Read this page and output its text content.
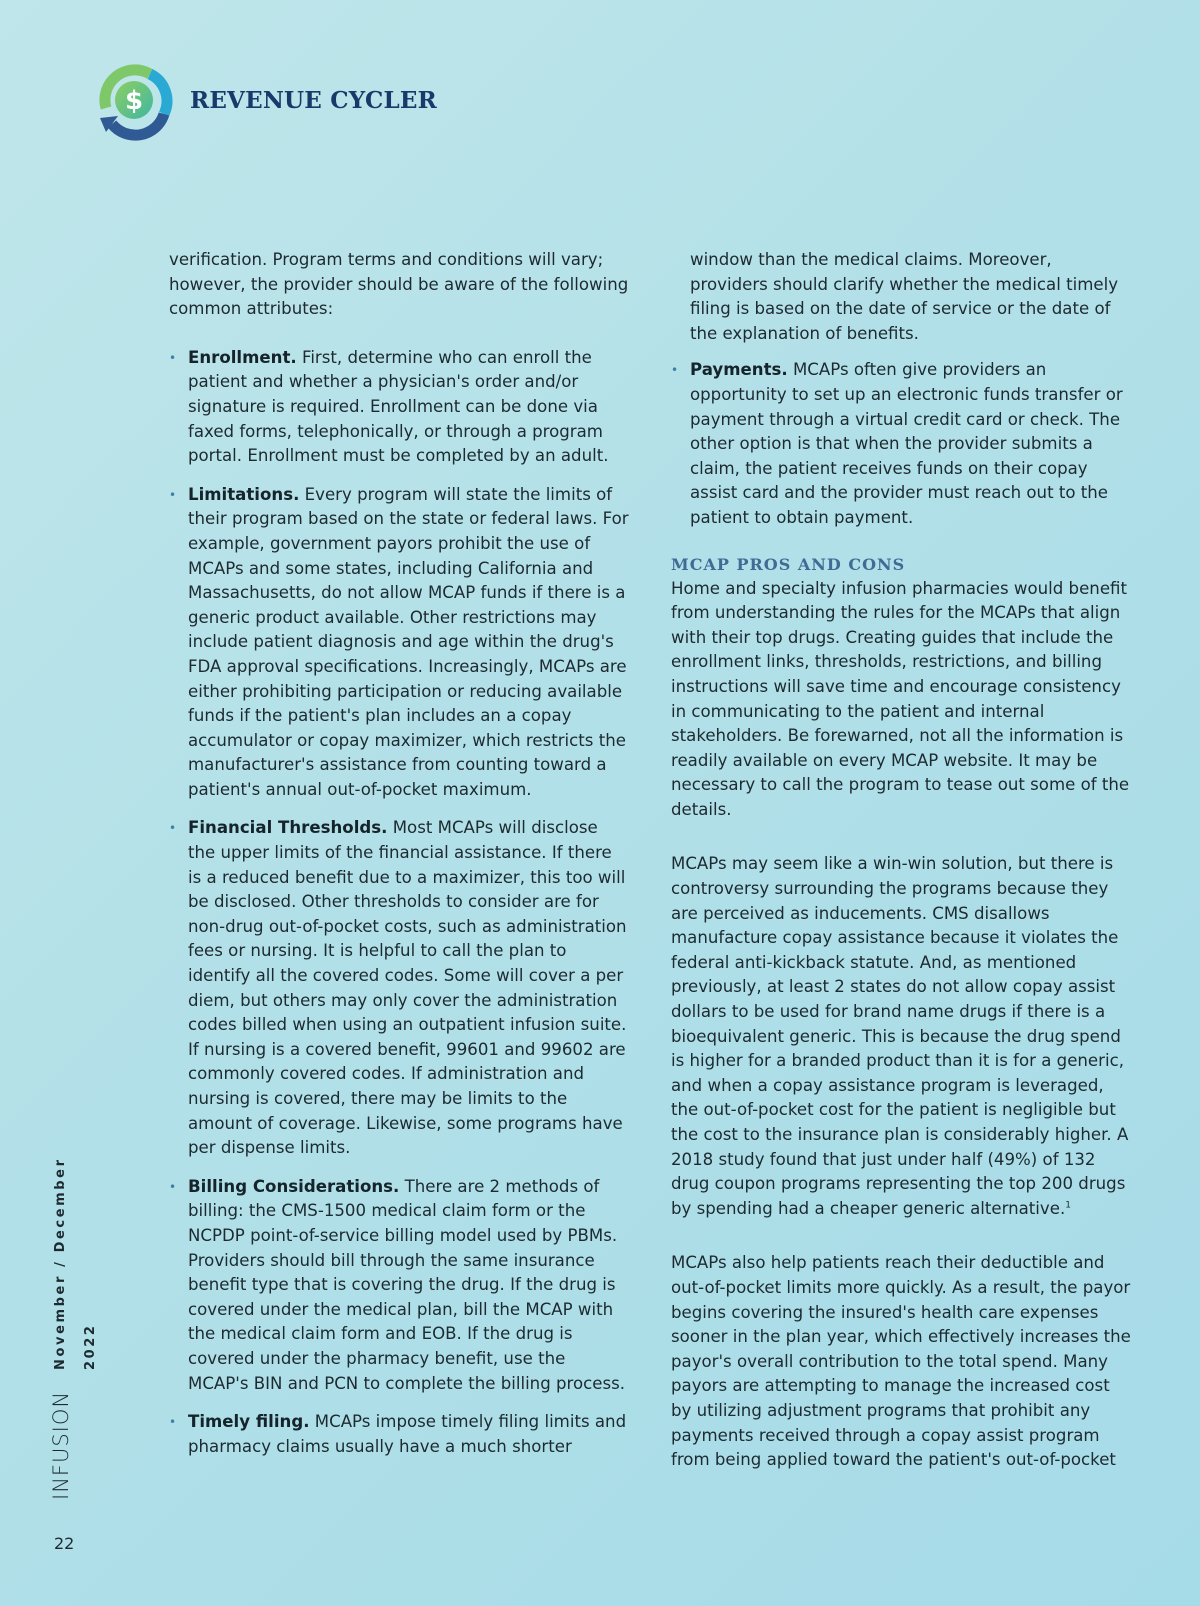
$ REVENUE CYCLER

verification. Program terms and conditions will vary; however, the provider should be aware of the following common attributes:

• Enrollment. First, determine who can enroll the patient and whether a physician's order and/or signature is required. Enrollment can be done via faxed forms, telephonically, or through a program portal. Enrollment must be completed by an adult.
• Limitations. Every program will state the limits of their program based on the state or federal laws. For example, government payors prohibit the use of MCAPs and some states, including California and Massachusetts, do not allow MCAP funds if there is a generic product available. Other restrictions may include patient diagnosis and age within the drug's FDA approval specifications. Increasingly, MCAPs are either prohibiting participation or reducing available funds if the patient's plan includes an a copay accumulator or copay maximizer, which restricts the manufacturer's assistance from counting toward a patient's annual out-of-pocket maximum.
• Financial Thresholds. Most MCAPs will disclose the upper limits of the financial assistance. If there is a reduced benefit due to a maximizer, this too will be disclosed. Other thresholds to consider are for non-drug out-of-pocket costs, such as administration fees or nursing. It is helpful to call the plan to identify all the covered codes. Some will cover a per diem, but others may only cover the administration codes billed when using an outpatient infusion suite. If nursing is a covered benefit, 99601 and 99602 are commonly covered codes. If administration and nursing is covered, there may be limits to the amount of coverage. Likewise, some programs have per dispense limits.
• Billing Considerations. There are 2 methods of billing: the CMS-1500 medical claim form or the NCPDP point-of-service billing model used by PBMs. Providers should bill through the same insurance benefit type that is covering the drug. If the drug is covered under the medical plan, bill the MCAP with the medical claim form and EOB. If the drug is covered under the pharmacy benefit, use the MCAP's BIN and PCN to complete the billing process.
• Timely filing. MCAPs impose timely filing limits and pharmacy claims usually have a much shorter

window than the medical claims. Moreover, providers should clarify whether the medical timely filing is based on the date of service or the date of the explanation of benefits.

• Payments. MCAPs often give providers an opportunity to set up an electronic funds transfer or payment through a virtual credit card or check. The other option is that when the provider submits a claim, the patient receives funds on their copay assist card and the provider must reach out to the patient to obtain payment.
MCAP PROS AND CONS

Home and specialty infusion pharmacies would benefit from understanding the rules for the MCAPs that align with their top drugs. Creating guides that include the enrollment links, thresholds, restrictions, and billing instructions will save time and encourage consistency in communicating to the patient and internal stakeholders. Be forewarned, not all the information is readily available on every MCAP website. It may be necessary to call the program to tease out some of the details.

MCAPs may seem like a win-win solution, but there is controversy surrounding the programs because they are perceived as inducements. CMS disallows manufacture copay assistance because it violates the federal anti-kickback statute. And, as mentioned previously, at least 2 states do not allow copay assist dollars to be used for brand name drugs if there is a bioequivalent generic. This is because the drug spend is higher for a branded product than it is for a generic, and when a copay assistance program is leveraged, the out-of-pocket cost for the patient is negligible but the cost to the insurance plan is considerably higher. A 2018 study found that just under half (49%) of 132 drug coupon programs representing the top 200 drugs by spending had a cheaper generic alternative.$^1$

MCAPs also help patients reach their deductible and out-of-pocket limits more quickly. As a result, the payor begins covering the insured's health care expenses sooner in the plan year, which effectively increases the payor's overall contribution to the total spend. Many payors are attempting to manage the increased cost by utilizing adjustment programs that prohibit any payments received through a copay assist program from being applied toward the patient's out-of-pocket

November / December 2022
INFUSION
22
